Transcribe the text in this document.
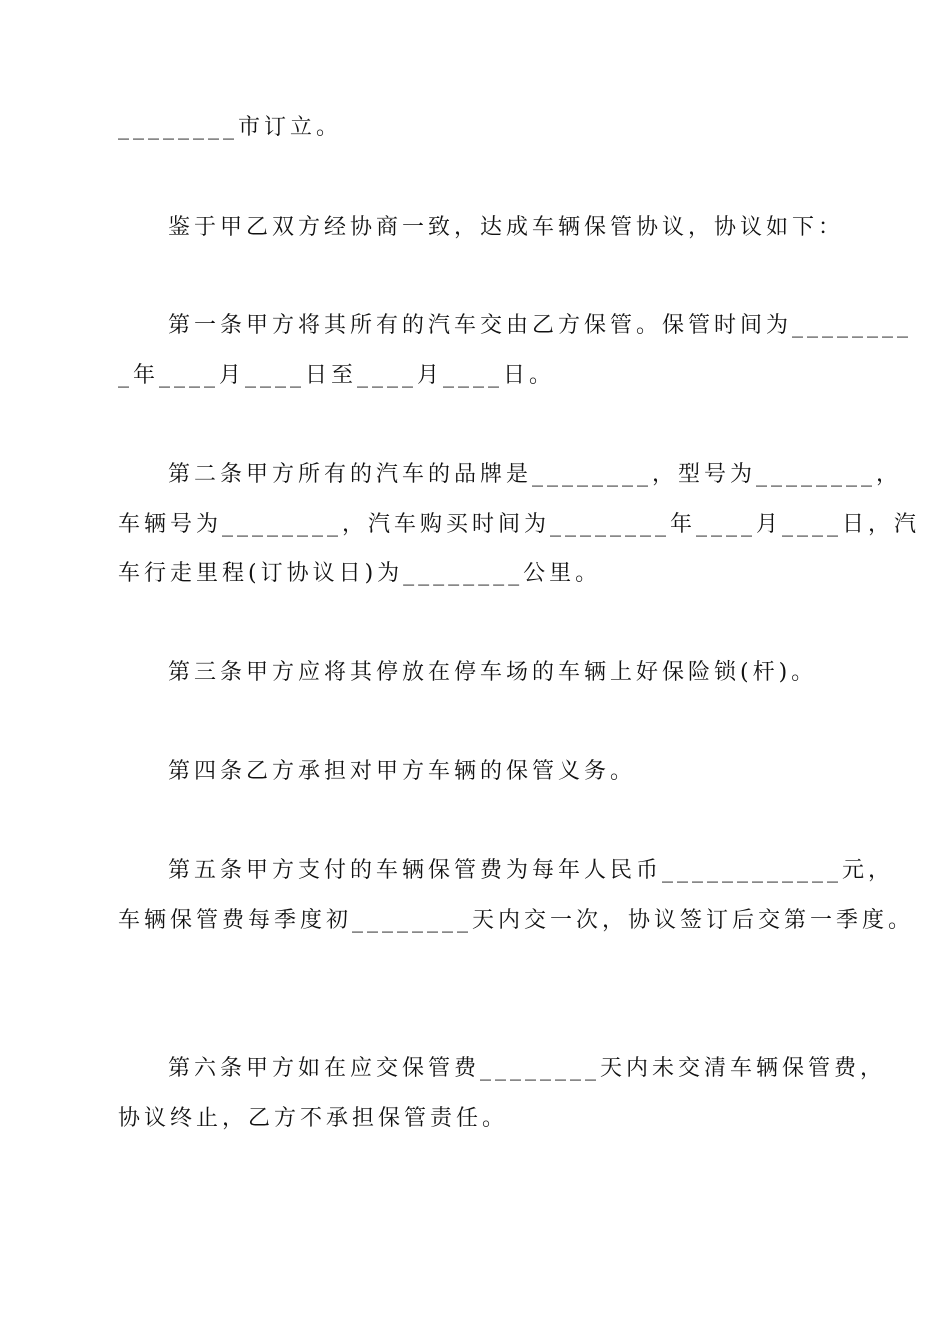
________市订立。
鉴于甲乙双方经协商一致，达成车辆保管协议，协议如下：
第一条甲方将其所有的汽车交由乙方保管。保管时间为________
_年____月____日至____月____日。
第二条甲方所有的汽车的品牌是________，型号为________，
车辆号为________，汽车购买时间为________年____月____日，汽
车行走里程(订协议日)为________公里。
第三条甲方应将其停放在停车场的车辆上好保险锁(杆)。
第四条乙方承担对甲方车辆的保管义务。
第五条甲方支付的车辆保管费为每年人民币____________元，
车辆保管费每季度初________天内交一次，协议签订后交第一季度。
第六条甲方如在应交保管费________天内未交清车辆保管费，
协议终止，乙方不承担保管责任。
